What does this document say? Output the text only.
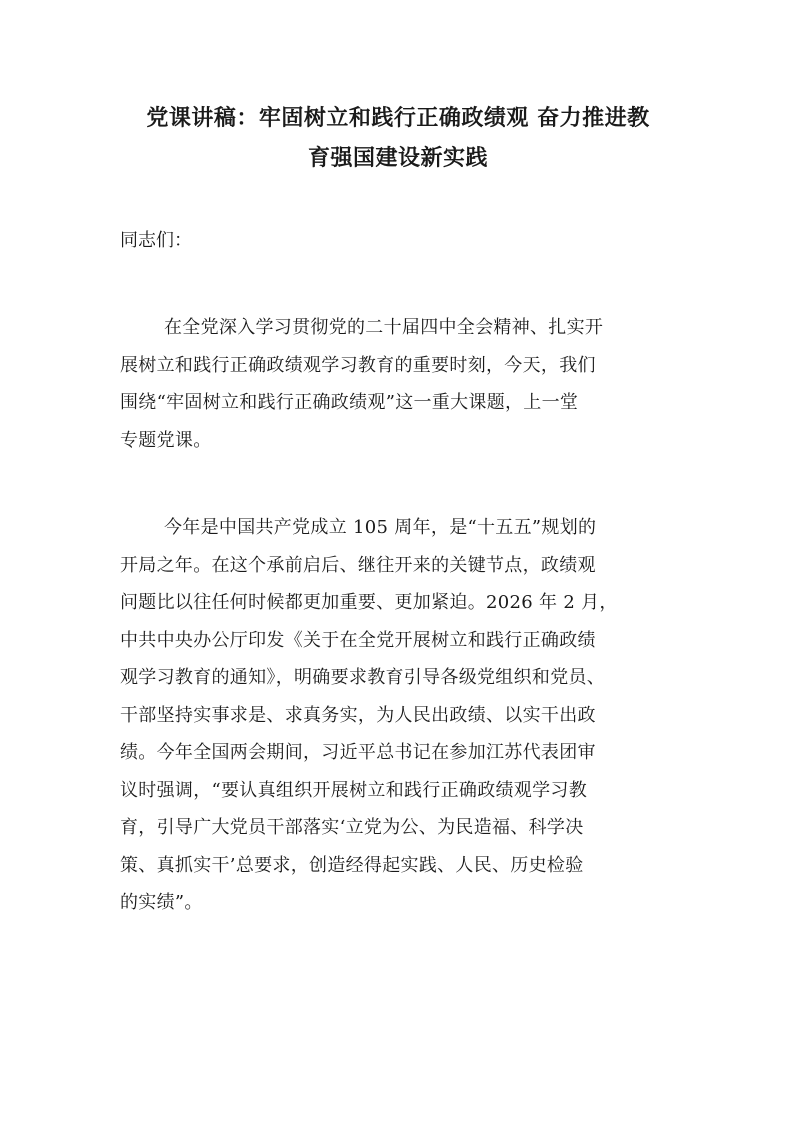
党课讲稿：牢固树立和践行正确政绩观 奋力推进教
育强国建设新实践

同志们：

在全党深入学习贯彻党的二十届四中全会精神、扎实开
展树立和践行正确政绩观学习教育的重要时刻，今天，我们
围绕“牢固树立和践行正确政绩观”这一重大课题，上一堂
专题党课。
今年是中国共产党成立 105 周年，是“十五五”规划的
开局之年。在这个承前启后、继往开来的关键节点，政绩观
问题比以往任何时候都更加重要、更加紧迫。2026 年 2 月，
中共中央办公厅印发《关于在全党开展树立和践行正确政绩
观学习教育的通知》，明确要求教育引导各级党组织和党员、
干部坚持实事求是、求真务实，为人民出政绩、以实干出政
绩。今年全国两会期间，习近平总书记在参加江苏代表团审
议时强调，“要认真组织开展树立和践行正确政绩观学习教
育，引导广大党员干部落实‘立党为公、为民造福、科学决
策、真抓实干’总要求，创造经得起实践、人民、历史检验
的实绩”。
